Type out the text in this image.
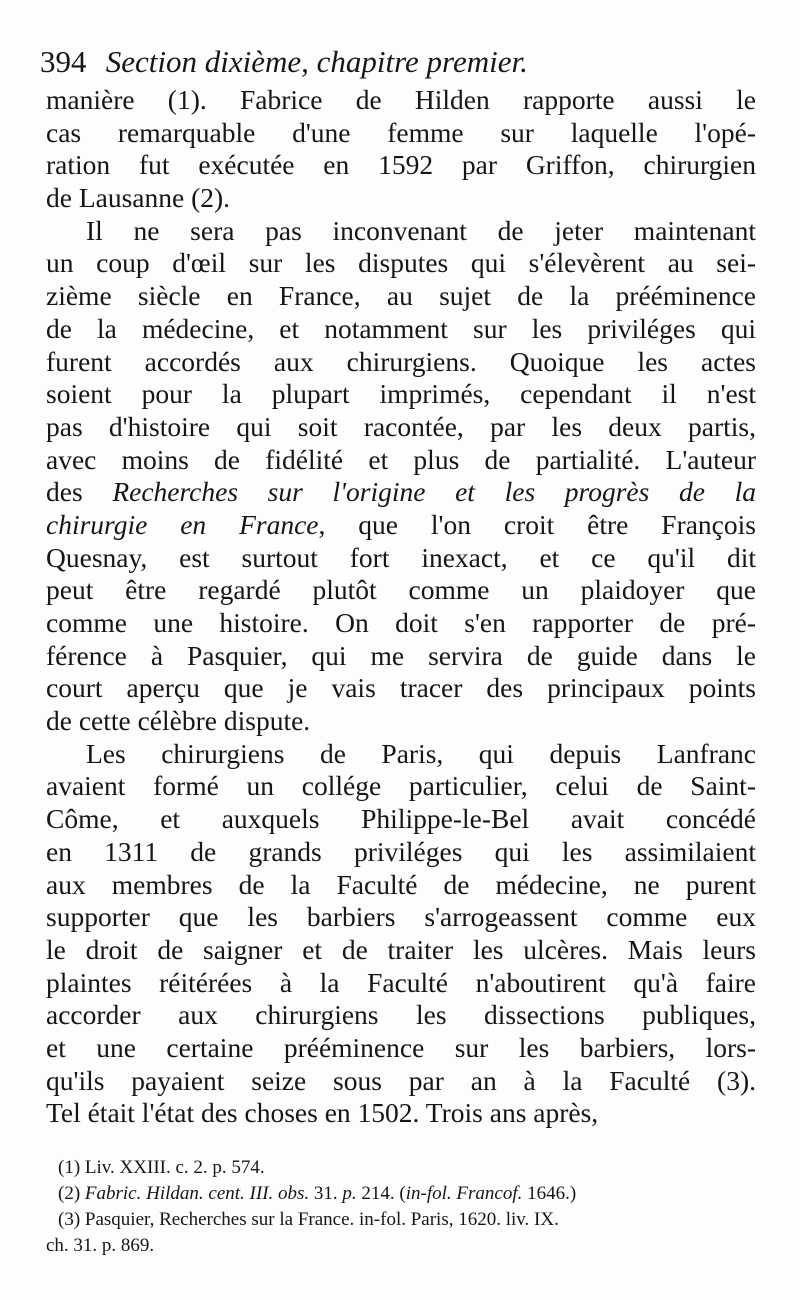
394 Section dixième, chapitre premier.
manière (1). Fabrice de Hilden rapporte aussi le
cas remarquable d'une femme sur laquelle l'opé-
ration fut exécutée en 1592 par Griffon, chirurgien
de Lausanne (2).
Il ne sera pas inconvenant de jeter maintenant
un coup d'œil sur les disputes qui s'élevèrent au sei-
zième siècle en France, au sujet de la prééminence
de la médecine, et notamment sur les priviléges qui
furent accordés aux chirurgiens. Quoique les actes
soient pour la plupart imprimés, cependant il n'est
pas d'histoire qui soit racontée, par les deux partis,
avec moins de fidélité et plus de partialité. L'auteur
des Recherches sur l'origine et les progrès de la
chirurgie en France, que l'on croit être François
Quesnay, est surtout fort inexact, et ce qu'il dit
peut être regardé plutôt comme un plaidoyer que
comme une histoire. On doit s'en rapporter de pré-
férence à Pasquier, qui me servira de guide dans le
court aperçu que je vais tracer des principaux points
de cette célèbre dispute.
Les chirurgiens de Paris, qui depuis Lanfranc
avaient formé un collége particulier, celui de Saint-
Côme, et auxquels Philippe-le-Bel avait concédé
en 1311 de grands priviléges qui les assimilaient
aux membres de la Faculté de médecine, ne purent
supporter que les barbiers s'arrogeassent comme eux
le droit de saigner et de traiter les ulcères. Mais leurs
plaintes réitérées à la Faculté n'aboutirent qu'à faire
accorder aux chirurgiens les dissections publiques,
et une certaine prééminence sur les barbiers, lors-
qu'ils payaient seize sous par an à la Faculté (3).
Tel était l'état des choses en 1502. Trois ans après,
(1) Liv. XXIII. c. 2. p. 574.
(2) Fabric. Hildan. cent. III. obs. 31. p. 214. (in-fol. Francof. 1646.)
(3) Pasquier, Recherches sur la France. in-fol. Paris, 1620. liv. IX.
ch. 31. p. 869.
